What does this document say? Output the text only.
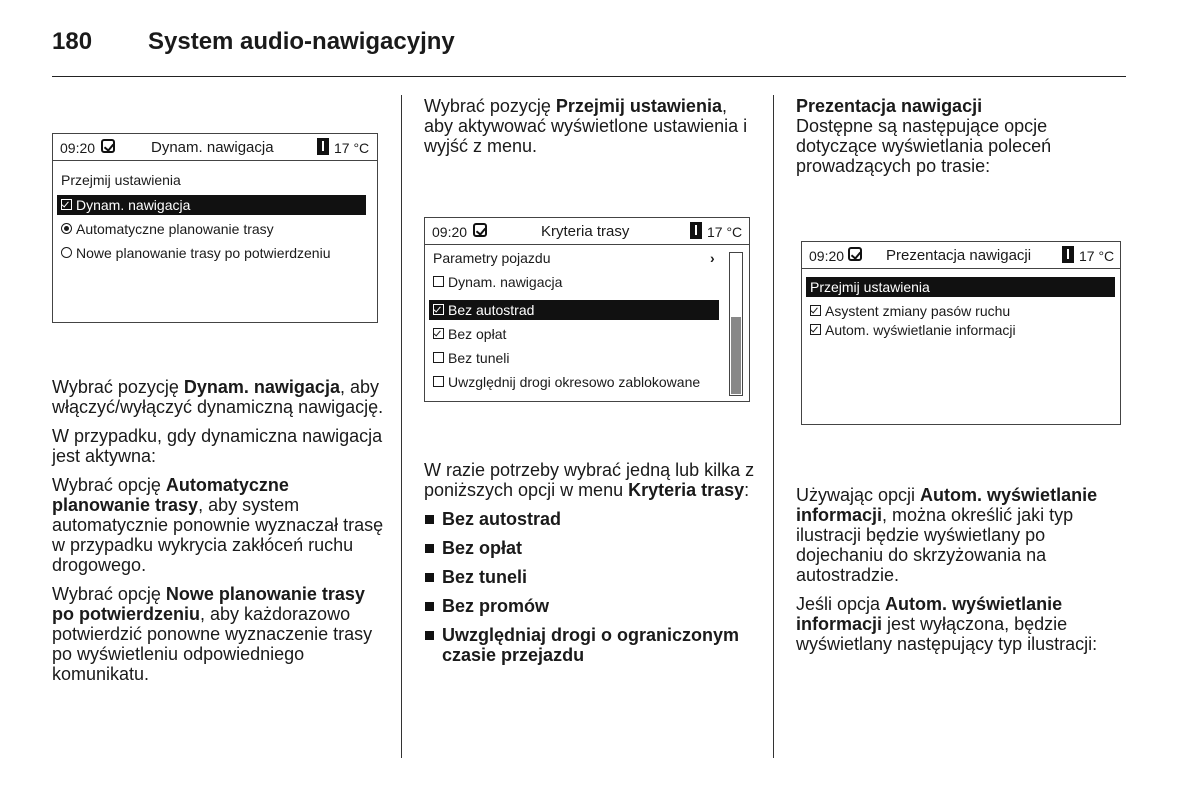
180 System audio-nawigacyjny
09:20	Dynam. nawigacja	17 °C
Przejmij ustawienia
Dynam. nawigacja
Automatyczne planowanie trasy
Nowe planowanie trasy po potwierdzeniu

Wybrać pozycję Dynam. nawigacja, aby włączyć/wyłączyć dynamiczną nawigację.

W przypadku, gdy dynamiczna nawigacja jest aktywna:

Wybrać opcję Automatyczne planowanie trasy, aby system automatycznie ponownie wyznaczał trasę w przypadku wykrycia zakłóceń ruchu drogowego.

Wybrać opcję Nowe planowanie trasy po potwierdzeniu, aby każdorazowo potwierdzić ponowne wyznaczenie trasy po wyświetleniu odpowiedniego komunikatu.

Wybrać pozycję Przejmij ustawienia, aby aktywować wyświetlone ustawienia i wyjść z menu.

09:20	Kryteria trasy	17 °C
Parametry pojazdu	›
Dynam. nawigacja
Bez autostrad
Bez opłat
Bez tuneli
Uwzględnij drogi okresowo zablokowane

W razie potrzeby wybrać jedną lub kilka z poniższych opcji w menu Kryteria trasy:

Bez autostrad
Bez opłat
Bez tuneli
Bez promów
Uwzględniaj drogi o ograniczonym czasie przejazdu

Prezentacja nawigacji

Dostępne są następujące opcje dotyczące wyświetlania poleceń prowadzących po trasie:

09:20	Prezentacja nawigacji	17 °C
Przejmij ustawienia
Asystent zmiany pasów ruchu
Autom. wyświetlanie informacji

Używając opcji Autom. wyświetlanie informacji, można określić jaki typ ilustracji będzie wyświetlany po dojechaniu do skrzyżowania na autostradzie.

Jeśli opcja Autom. wyświetlanie informacji jest wyłączona, będzie wyświetlany następujący typ ilustracji:
